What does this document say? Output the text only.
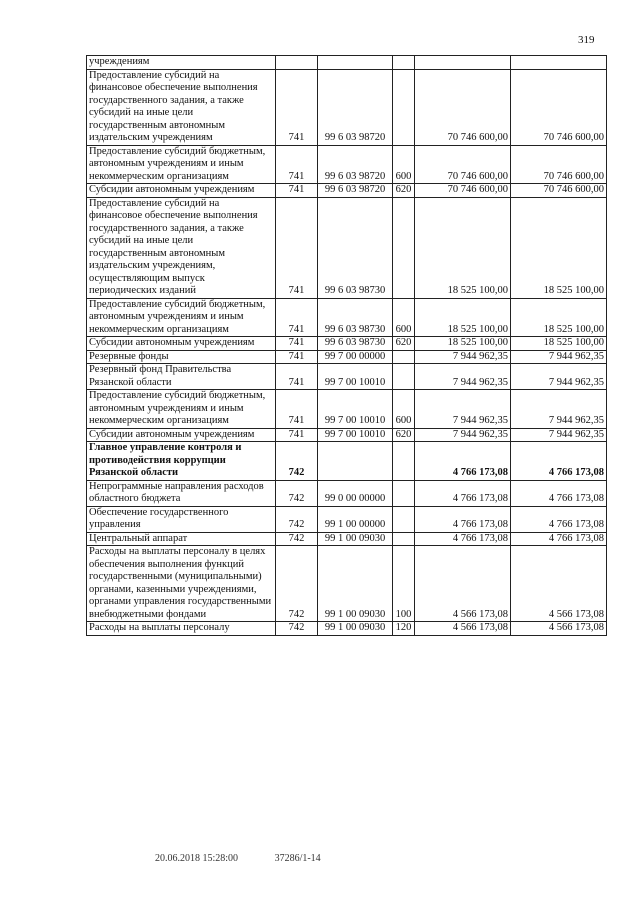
319
учреждениям					
Предоставление субсидий на финансовое обеспечение выполнения государственного задания, а также субсидий на иные цели государственным автономным издательским учреждениям	741	99 6 03 98720		70 746 600,00	70 746 600,00
Предоставление субсидий бюджетным, автономным учреждениям и иным некоммерческим организациям	741	99 6 03 98720	600	70 746 600,00	70 746 600,00
Субсидии автономным учреждениям	741	99 6 03 98720	620	70 746 600,00	70 746 600,00
Предоставление субсидий на финансовое обеспечение выполнения государственного задания, а также субсидий на иные цели государственным автономным издательским учреждениям, осуществляющим выпуск периодических изданий	741	99 6 03 98730		18 525 100,00	18 525 100,00
Предоставление субсидий бюджетным, автономным учреждениям и иным некоммерческим организациям	741	99 6 03 98730	600	18 525 100,00	18 525 100,00
Субсидии автономным учреждениям	741	99 6 03 98730	620	18 525 100,00	18 525 100,00
Резервные фонды	741	99 7 00 00000		7 944 962,35	7 944 962,35
Резервный фонд Правительства Рязанской области	741	99 7 00 10010		7 944 962,35	7 944 962,35
Предоставление субсидий бюджетным, автономным учреждениям и иным некоммерческим организациям	741	99 7 00 10010	600	7 944 962,35	7 944 962,35
Субсидии автономным учреждениям	741	99 7 00 10010	620	7 944 962,35	7 944 962,35
Главное управление контроля и противодействия коррупции Рязанской области	742			4 766 173,08	4 766 173,08
Непрограммные направления расходов областного бюджета	742	99 0 00 00000		4 766 173,08	4 766 173,08
Обеспечение государственного управления	742	99 1 00 00000		4 766 173,08	4 766 173,08
Центральный аппарат	742	99 1 00 09030		4 766 173,08	4 766 173,08
Расходы на выплаты персоналу в целях обеспечения выполнения функций государственными (муниципальными) органами, казенными учреждениями, органами управления государственными внебюджетными фондами	742	99 1 00 09030	100	4 566 173,08	4 566 173,08
Расходы на выплаты персоналу	742	99 1 00 09030	120	4 566 173,08	4 566 173,08
20.06.2018 15:28:00	37286/1-14
